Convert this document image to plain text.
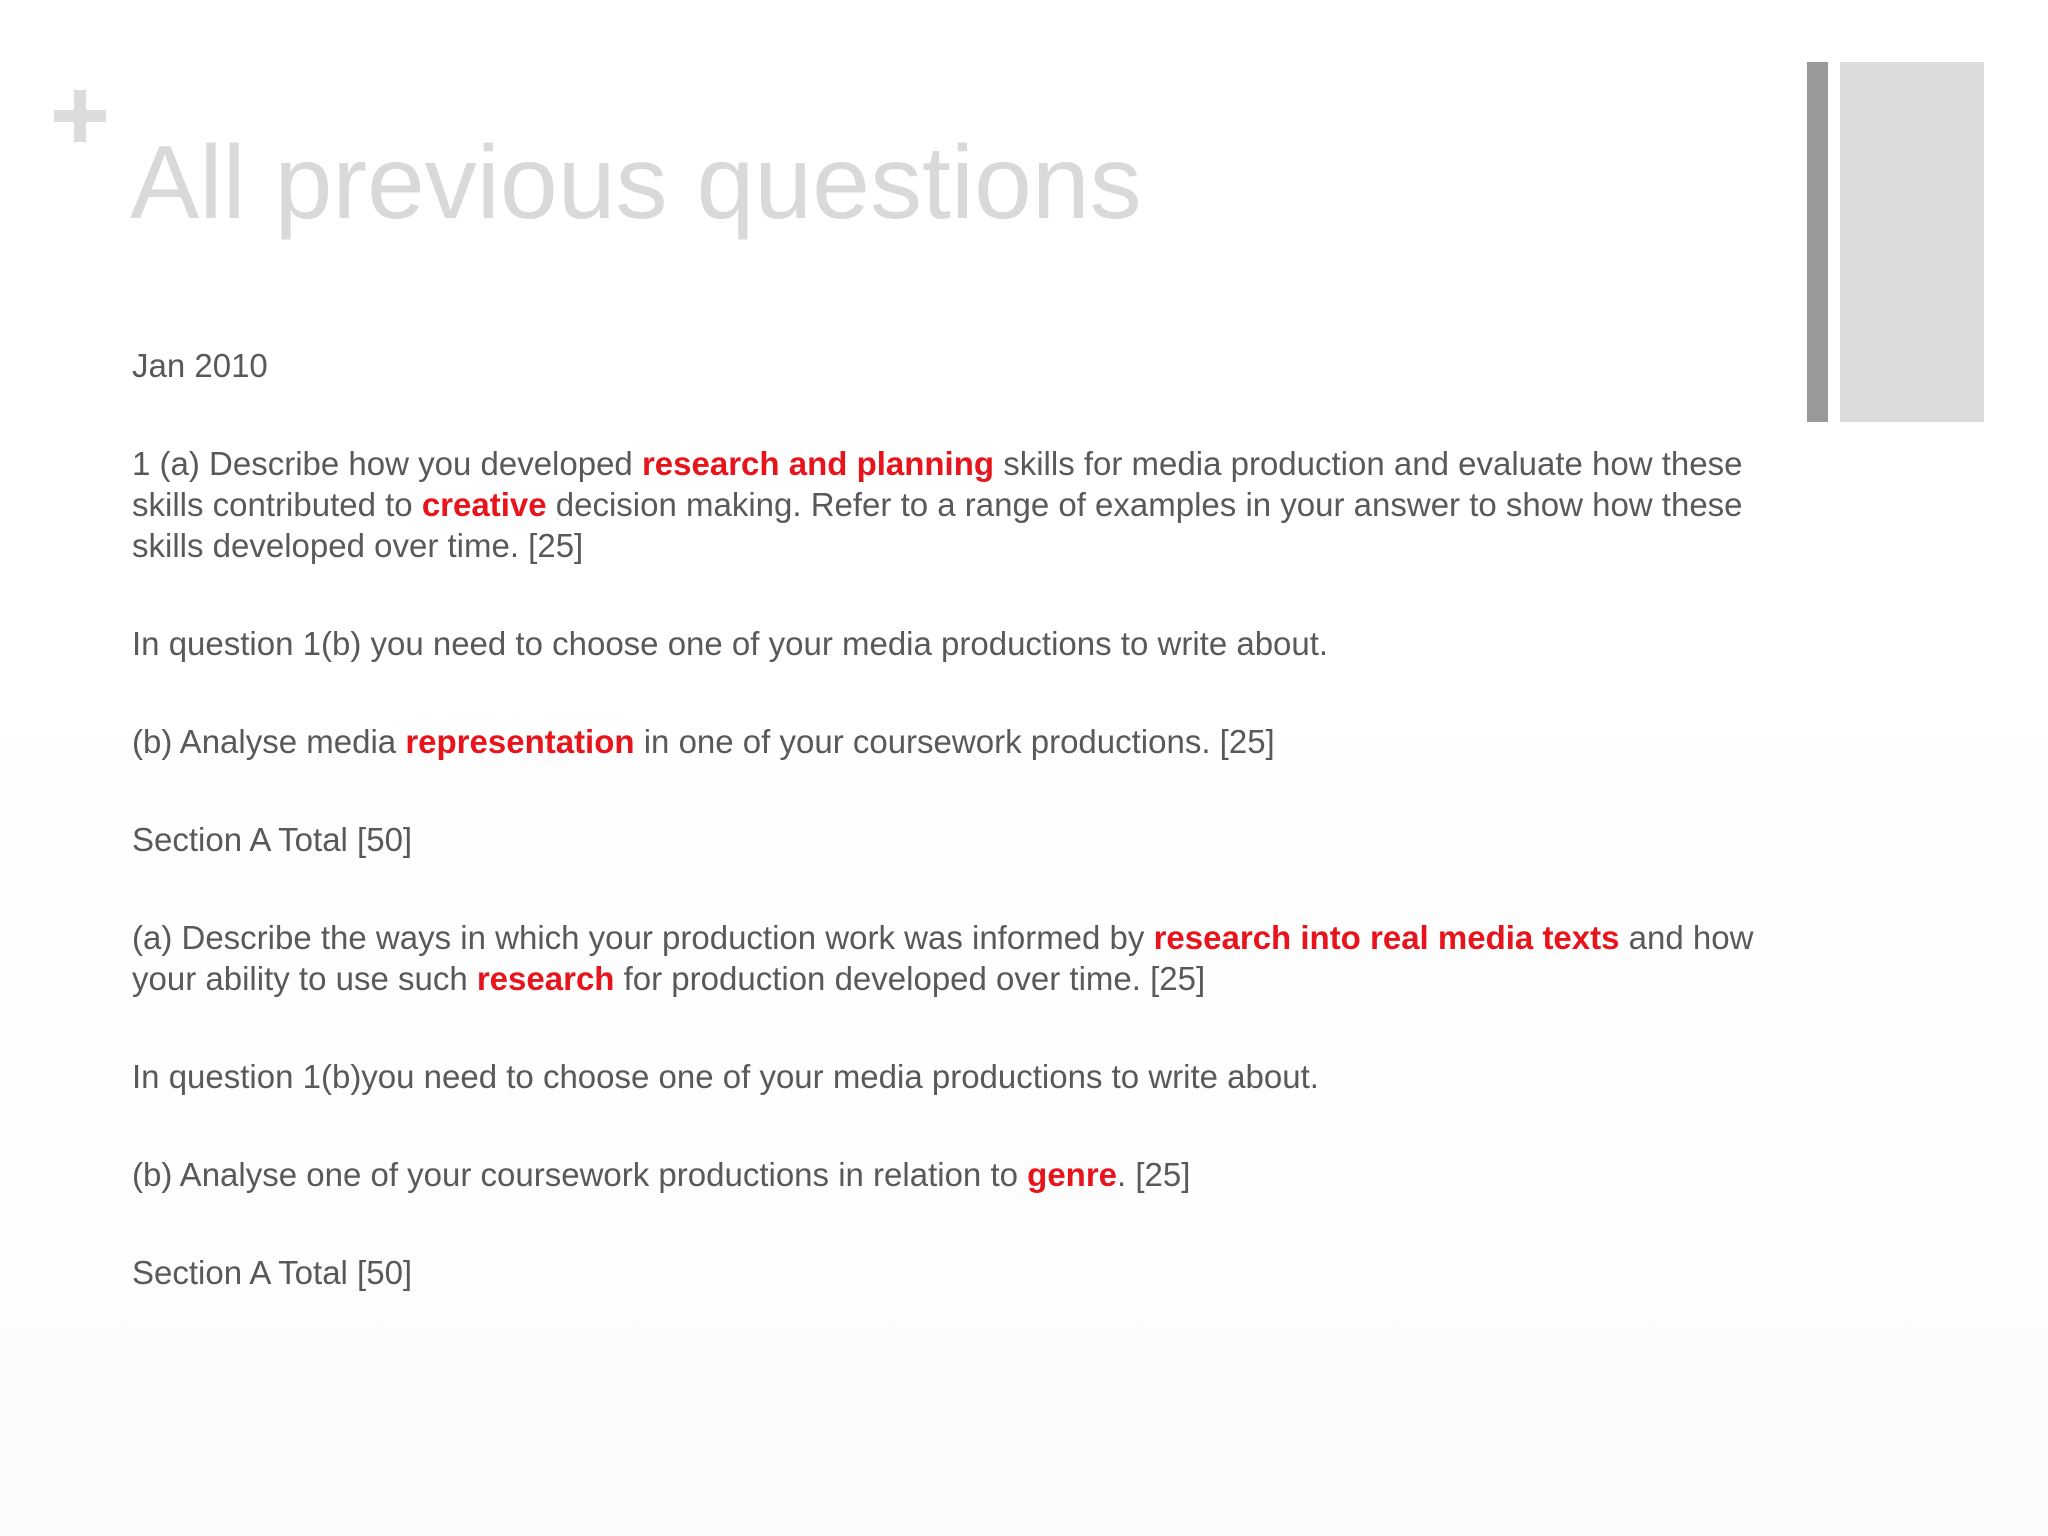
All previous questions

Jan 2010

1 (a) Describe how you developed research and planning skills for media production and evaluate how these skills contributed to creative decision making. Refer to a range of examples in your answer to show how these skills developed over time. [25]

In question 1(b) you need to choose one of your media productions to write about.

(b) Analyse media representation in one of your coursework productions. [25]

Section A Total [50]

(a) Describe the ways in which your production work was informed by research into real media texts and how your ability to use such research for production developed over time. [25]

In question 1(b)you need to choose one of your media productions to write about.

(b) Analyse one of your coursework productions in relation to genre. [25]

Section A Total [50]
